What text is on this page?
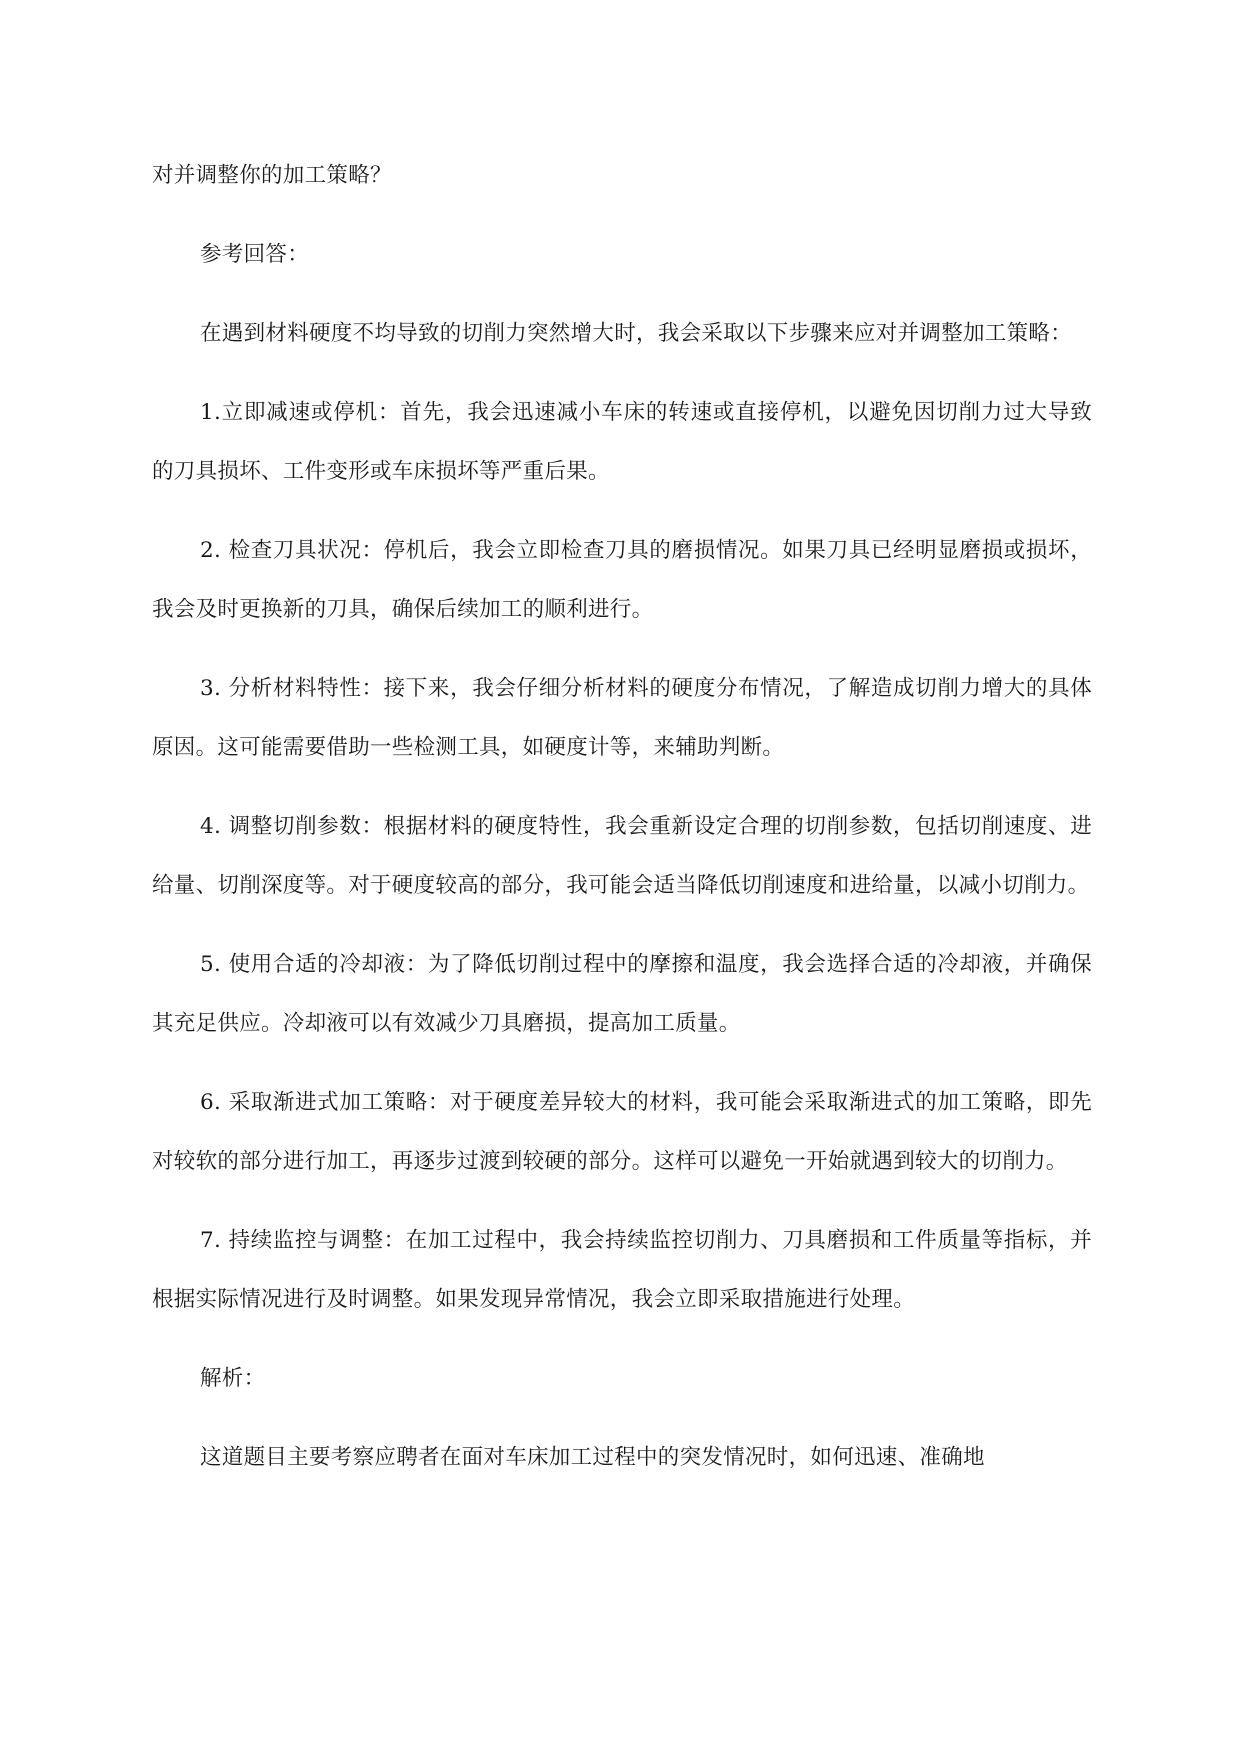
对并调整你的加工策略？

参考回答：

在遇到材料硬度不均导致的切削力突然增大时，我会采取以下步骤来应对并调整加工策略：

1.立即减速或停机：首先，我会迅速减小车床的转速或直接停机，以避免因切削力过大导致的刀具损坏、工件变形或车床损坏等严重后果。

2. 检查刀具状况：停机后，我会立即检查刀具的磨损情况。如果刀具已经明显磨损或损坏，我会及时更换新的刀具，确保后续加工的顺利进行。

3. 分析材料特性：接下来，我会仔细分析材料的硬度分布情况，了解造成切削力增大的具体原因。这可能需要借助一些检测工具，如硬度计等，来辅助判断。

4. 调整切削参数：根据材料的硬度特性，我会重新设定合理的切削参数，包括切削速度、进给量、切削深度等。对于硬度较高的部分，我可能会适当降低切削速度和进给量，以减小切削力。

5. 使用合适的冷却液：为了降低切削过程中的摩擦和温度，我会选择合适的冷却液，并确保其充足供应。冷却液可以有效减少刀具磨损，提高加工质量。

6. 采取渐进式加工策略：对于硬度差异较大的材料，我可能会采取渐进式的加工策略，即先对较软的部分进行加工，再逐步过渡到较硬的部分。这样可以避免一开始就遇到较大的切削力。

7. 持续监控与调整：在加工过程中，我会持续监控切削力、刀具磨损和工件质量等指标，并根据实际情况进行及时调整。如果发现异常情况，我会立即采取措施进行处理。

解析：

这道题目主要考察应聘者在面对车床加工过程中的突发情况时，如何迅速、准确地
